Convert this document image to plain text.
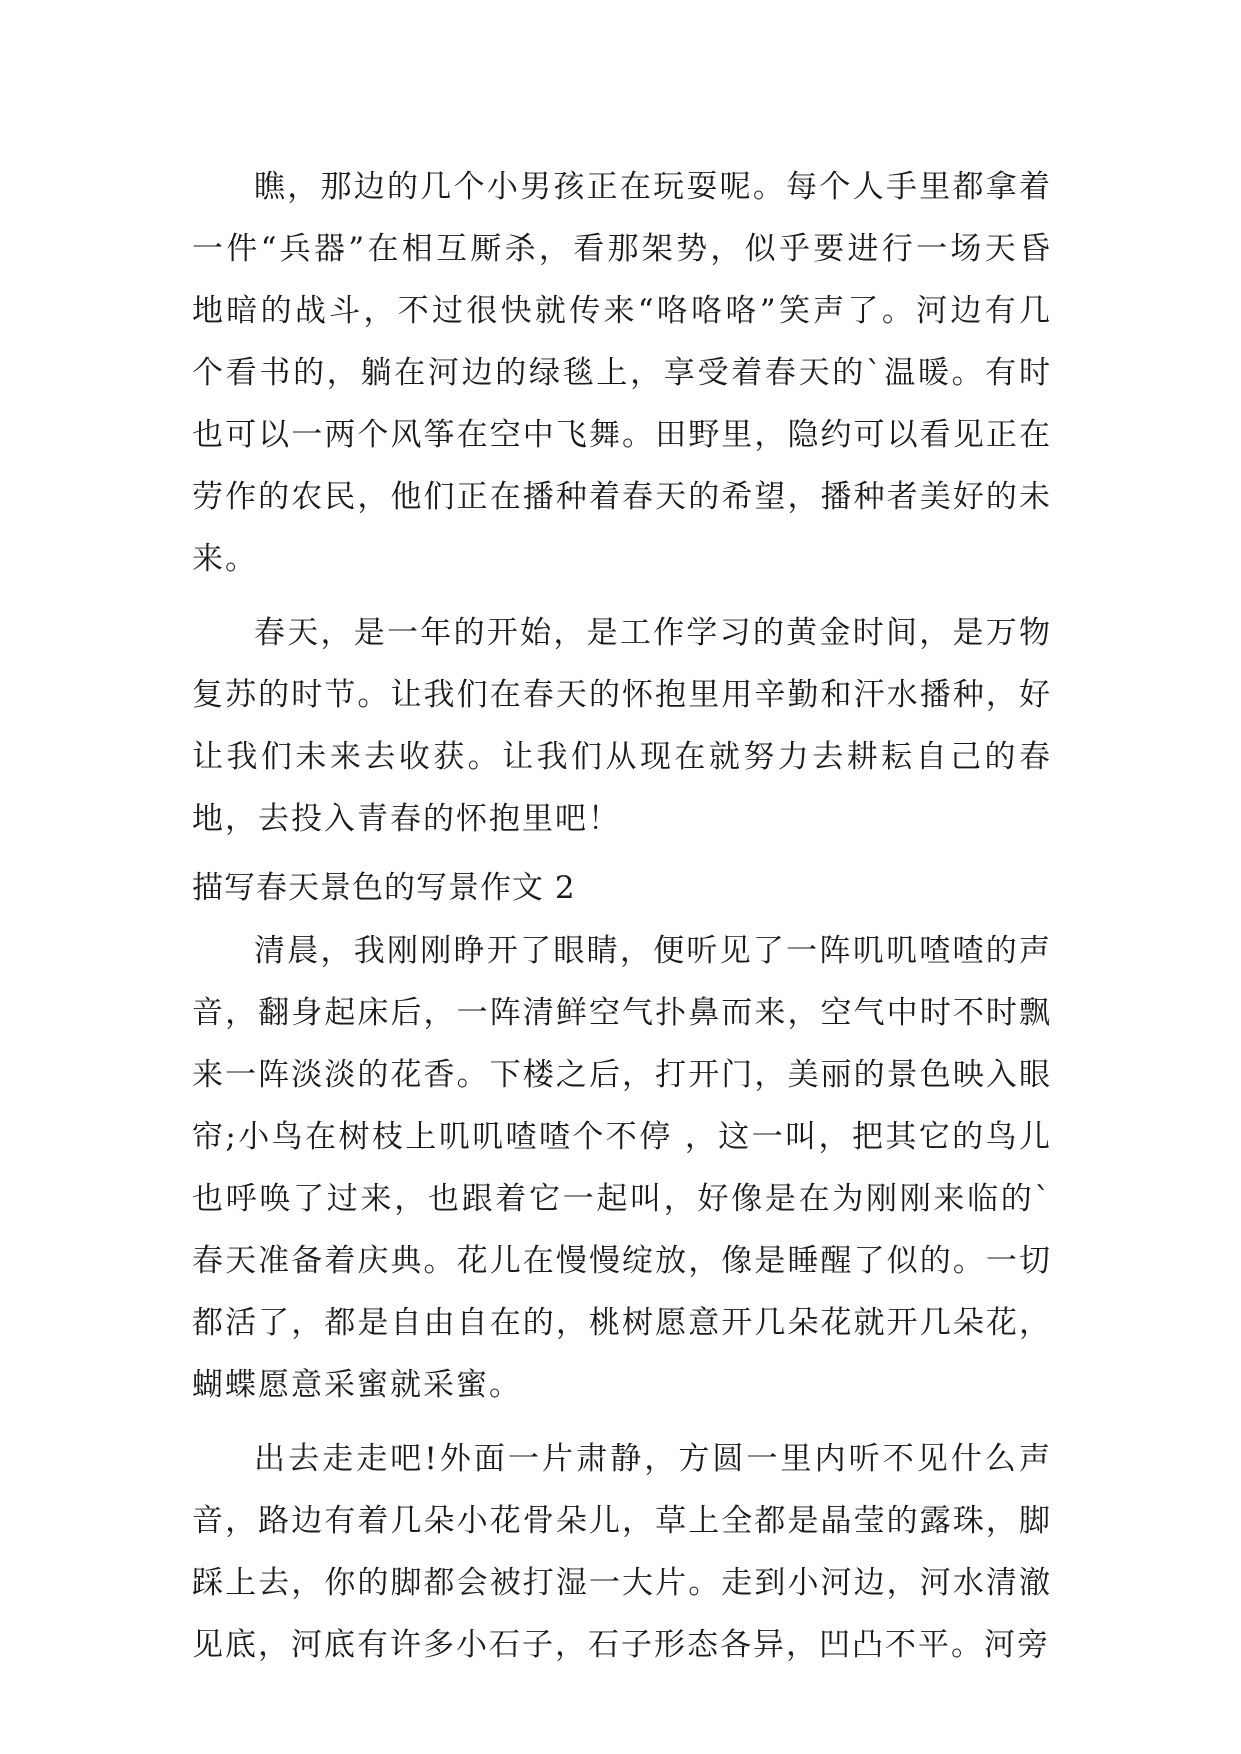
瞧，那边的几个小男孩正在玩耍呢。每个人手里都拿着一件“兵器”在相互厮杀，看那架势，似乎要进行一场天昏地暗的战斗，不过很快就传来“咯咯咯”笑声了。河边有几个看书的，躺在河边的绿毯上，享受着春天的`温暖。有时也可以一两个风筝在空中飞舞。田野里，隐约可以看见正在劳作的农民，他们正在播种着春天的希望，播种者美好的未来。

春天，是一年的开始，是工作学习的黄金时间，是万物复苏的时节。让我们在春天的怀抱里用辛勤和汗水播种，好让我们未来去收获。让我们从现在就努力去耕耘自己的春地，去投入青春的怀抱里吧！

描写春天景色的写景作文 2

清晨，我刚刚睁开了眼睛，便听见了一阵叽叽喳喳的声音，翻身起床后，一阵清鲜空气扑鼻而来，空气中时不时飘来一阵淡淡的花香。下楼之后，打开门，美丽的景色映入眼帘;小鸟在树枝上叽叽喳喳个不停 ，这一叫，把其它的鸟儿也呼唤了过来，也跟着它一起叫，好像是在为刚刚来临的`春天准备着庆典。花儿在慢慢绽放，像是睡醒了似的。一切都活了，都是自由自在的，桃树愿意开几朵花就开几朵花，蝴蝶愿意采蜜就采蜜。

出去走走吧!外面一片肃静，方圆一里内听不见什么声音，路边有着几朵小花骨朵儿，草上全都是晶莹的露珠，脚踩上去，你的脚都会被打湿一大片。走到小河边，河水清澈见底，河底有许多小石子，石子形态各异，凹凸不平。河旁
